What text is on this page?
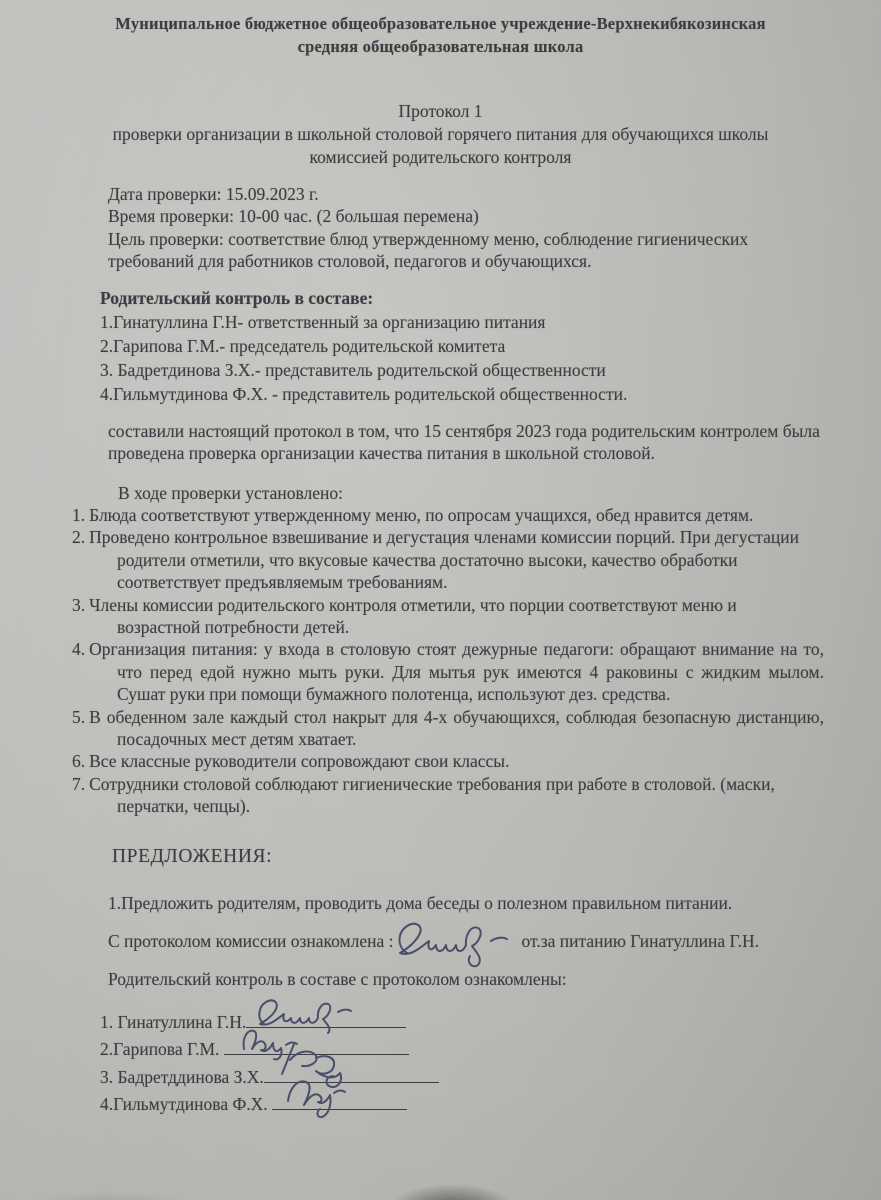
Муниципальное бюджетное общеобразовательное учреждение-Верхнекибякозинская
средняя общеобразовательная школа
Протокол 1
проверки организации в школьной столовой горячего питания для обучающихся школы
комиссией родительского контроля
Дата проверки: 15.09.2023 г.
Время проверки: 10-00 час. (2 большая перемена)
Цель проверки: соответствие блюд утвержденному меню, соблюдение гигиенических требований для работников столовой, педагогов и обучающихся.
Родительский контроль в составе:
1.Гинатуллина Г.Н- ответственный за организацию питания
2.Гарипова Г.М.- председатель родительской комитета
3. Бадретдинова З.Х.- представитель родительской общественности
4.Гильмутдинова Ф.Х. - представитель родительской общественности.
составили настоящий протокол в том, что 15 сентября 2023 года родительским контролем была проведена проверка организации качества питания в школьной столовой.
В ходе проверки установлено:
1. Блюда соответствуют утвержденному меню, по опросам учащихся, обед нравится детям.
2. Проведено контрольное взвешивание и дегустация членами комиссии порций. При дегустации родители отметили, что вкусовые качества достаточно высоки, качество обработки соответствует предъявляемым требованиям.
3. Члены комиссии родительского контроля отметили, что порции соответствуют меню и возрастной потребности детей.
4. Организация питания: у входа в столовую стоят дежурные педагоги: обращают внимание на то, что перед едой нужно мыть руки. Для мытья рук имеются 4 раковины с жидким мылом. Сушат руки при помощи бумажного полотенца, используют дез. средства.
5. В обеденном зале каждый стол накрыт для 4-х обучающихся, соблюдая безопасную дистанцию, посадочных мест детям хватает.
6. Все классные руководители сопровождают свои классы.
7. Сотрудники столовой соблюдают гигиенические требования при работе в столовой. (маски, перчатки, чепцы).
ПРЕДЛОЖЕНИЯ:
1.Предложить родителям, проводить дома беседы о полезном правильном питании.
С протоколом комиссии ознакомлена :	от.за питанию Гинатуллина Г.Н.
Родительский контроль в составе с протоколом ознакомлены:
1. Гинатуллина Г.Н.
2.Гарипова Г.М.
3. Бадретддинова З.Х.
4.Гильмутдинова Ф.Х.
